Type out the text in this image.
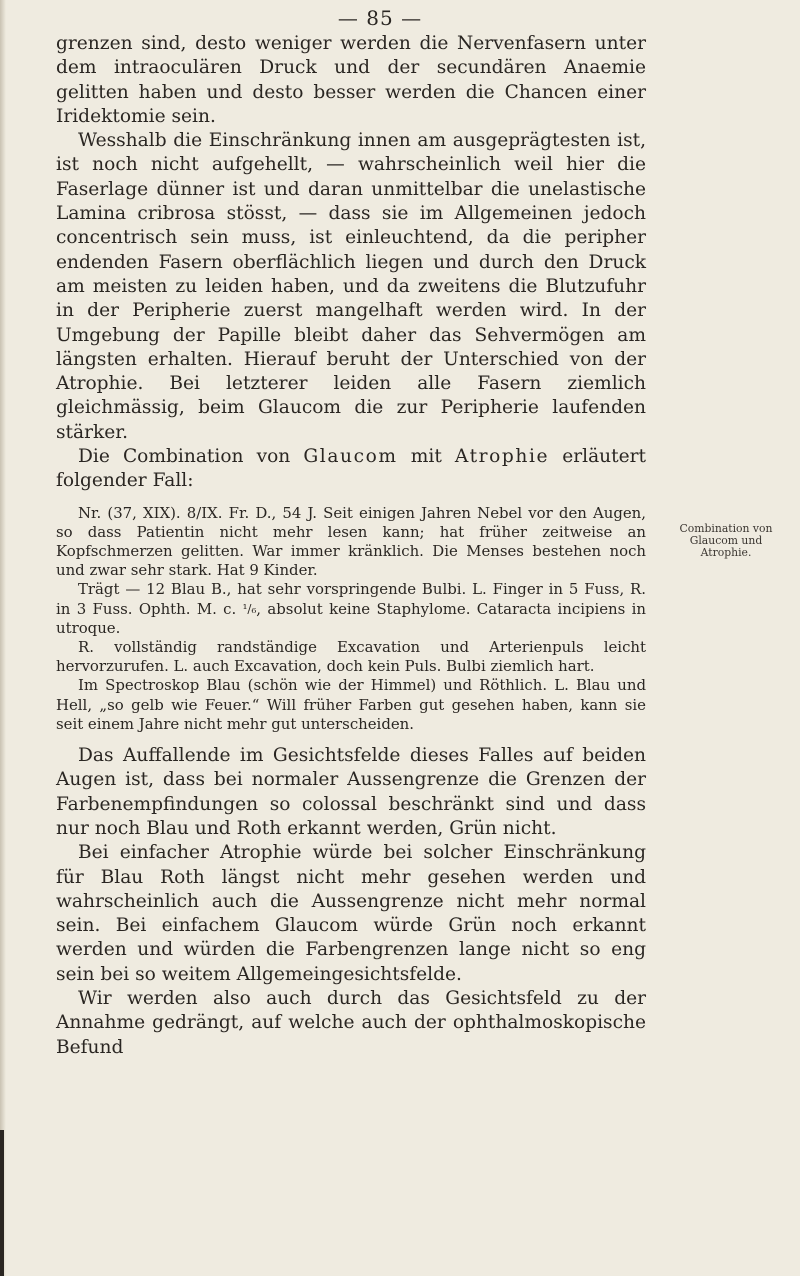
— 85 —

grenzen sind, desto weniger werden die Nervenfasern unter dem intraoculären Druck und der secundären Anaemie gelitten haben und desto besser werden die Chancen einer Iridektomie sein.

Wesshalb die Einschränkung innen am ausgeprägtesten ist, ist noch nicht aufgehellt, — wahrscheinlich weil hier die Faserlage dünner ist und daran unmittelbar die unelastische Lamina cribrosa stösst, — dass sie im Allgemeinen jedoch concentrisch sein muss, ist einleuchtend, da die peripher endenden Fasern oberflächlich liegen und durch den Druck am meisten zu leiden haben, und da zweitens die Blutzufuhr in der Peripherie zuerst mangelhaft werden wird. In der Umgebung der Papille bleibt daher das Sehvermögen am längsten erhalten. Hierauf beruht der Unterschied von der Atrophie. Bei letzterer leiden alle Fasern ziemlich gleichmässig, beim Glaucom die zur Peripherie laufenden stärker.

Die Combination von Glaucom mit Atrophie erläutert folgender Fall:

Nr. (37, XIX). 8/IX. Fr. D., 54 J. Seit einigen Jahren Nebel vor den Augen, so dass Patientin nicht mehr lesen kann; hat früher zeitweise an Kopfschmerzen gelitten. War immer kränklich. Die Menses bestehen noch und zwar sehr stark. Hat 9 Kinder.

Trägt — 12 Blau B., hat sehr vorspringende Bulbi. L. Finger in 5 Fuss, R. in 3 Fuss. Ophth. M. c. ¹/₆, absolut keine Staphylome. Cataracta incipiens in utroque.

R. vollständig randständige Excavation und Arterienpuls leicht hervorzurufen. L. auch Excavation, doch kein Puls. Bulbi ziemlich hart.

Im Spectroskop Blau (schön wie der Himmel) und Röthlich. L. Blau und Hell, „so gelb wie Feuer.“ Will früher Farben gut gesehen haben, kann sie seit einem Jahre nicht mehr gut unterscheiden.

Das Auffallende im Gesichtsfelde dieses Falles auf beiden Augen ist, dass bei normaler Aussengrenze die Grenzen der Farbenempfindungen so colossal beschränkt sind und dass nur noch Blau und Roth erkannt werden, Grün nicht.

Bei einfacher Atrophie würde bei solcher Einschränkung für Blau Roth längst nicht mehr gesehen werden und wahrscheinlich auch die Aussengrenze nicht mehr normal sein. Bei einfachem Glaucom würde Grün noch erkannt werden und würden die Farbengrenzen lange nicht so eng sein bei so weitem Allgemeingesichtsfelde.

Wir werden also auch durch das Gesichtsfeld zu der Annahme gedrängt, auf welche auch der ophthalmoskopische Befund

Combination von
Glaucom und
Atrophie.
